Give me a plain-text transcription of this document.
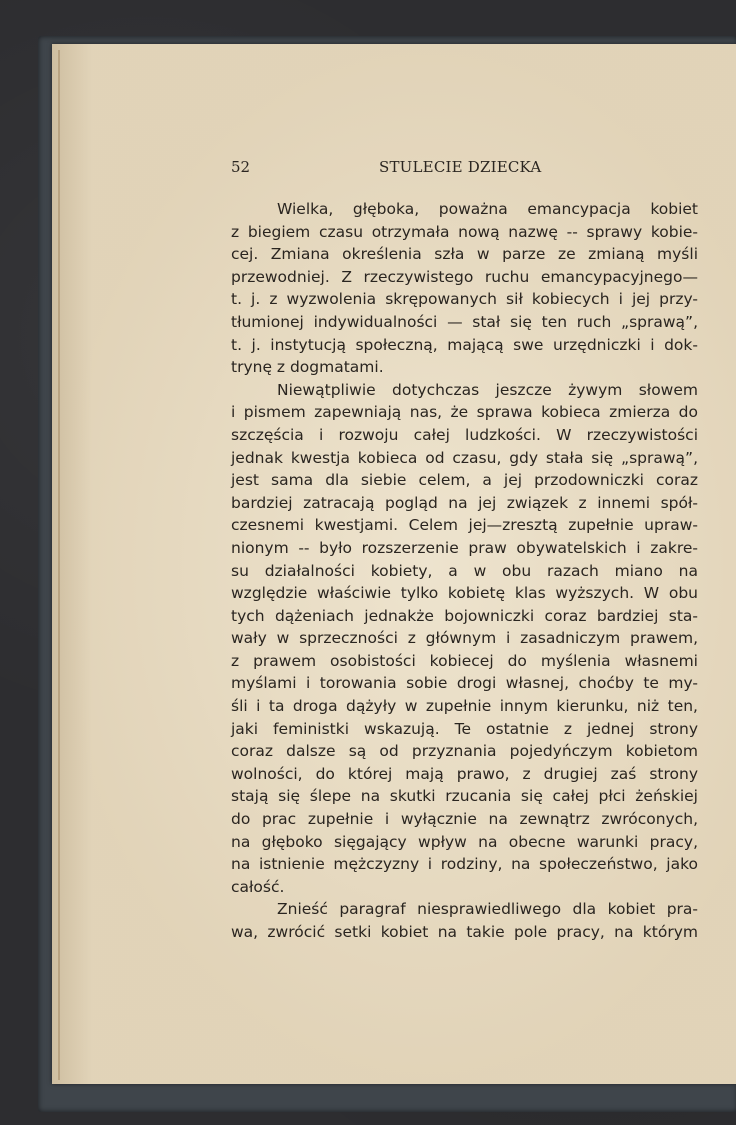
52	STULECIE DZIECKA
Wielka, głęboka, poważna emancypacja kobiet
z biegiem czasu otrzymała nową nazwę -- sprawy kobie-
cej. Zmiana określenia szła w parze ze zmianą myśli
przewodniej. Z rzeczywistego ruchu emancypacyjnego—
t. j. z wyzwolenia skrępowanych sił kobiecych i jej przy-
tłumionej indywidualności — stał się ten ruch „sprawą”,
t. j. instytucją społeczną, mającą swe urzędniczki i dok-
trynę z dogmatami.
Niewątpliwie dotychczas jeszcze żywym słowem
i pismem zapewniają nas, że sprawa kobieca zmierza do
szczęścia i rozwoju całej ludzkości. W rzeczywistości
jednak kwestja kobieca od czasu, gdy stała się „sprawą”,
jest sama dla siebie celem, a jej przodowniczki coraz
bardziej zatracają pogląd na jej związek z innemi spół-
czesnemi kwestjami. Celem jej—zresztą zupełnie upraw-
nionym -- było rozszerzenie praw obywatelskich i zakre-
su działalności kobiety, a w obu razach miano na
względzie właściwie tylko kobietę klas wyższych. W obu
tych dążeniach jednakże bojowniczki coraz bardziej sta-
wały w sprzeczności z głównym i zasadniczym prawem,
z prawem osobistości kobiecej do myślenia własnemi
myślami i torowania sobie drogi własnej, choćby te my-
śli i ta droga dążyły w zupełnie innym kierunku, niż ten,
jaki feministki wskazują. Te ostatnie z jednej strony
coraz dalsze są od przyznania pojedyńczym kobietom
wolności, do której mają prawo, z drugiej zaś strony
stają się ślepe na skutki rzucania się całej płci żeńskiej
do prac zupełnie i wyłącznie na zewnątrz zwróconych,
na głęboko sięgający wpływ na obecne warunki pracy,
na istnienie mężczyzny i rodziny, na społeczeństwo, jako
całość.
Znieść paragraf niesprawiedliwego dla kobiet pra-
wa, zwrócić setki kobiet na takie pole pracy, na którym
